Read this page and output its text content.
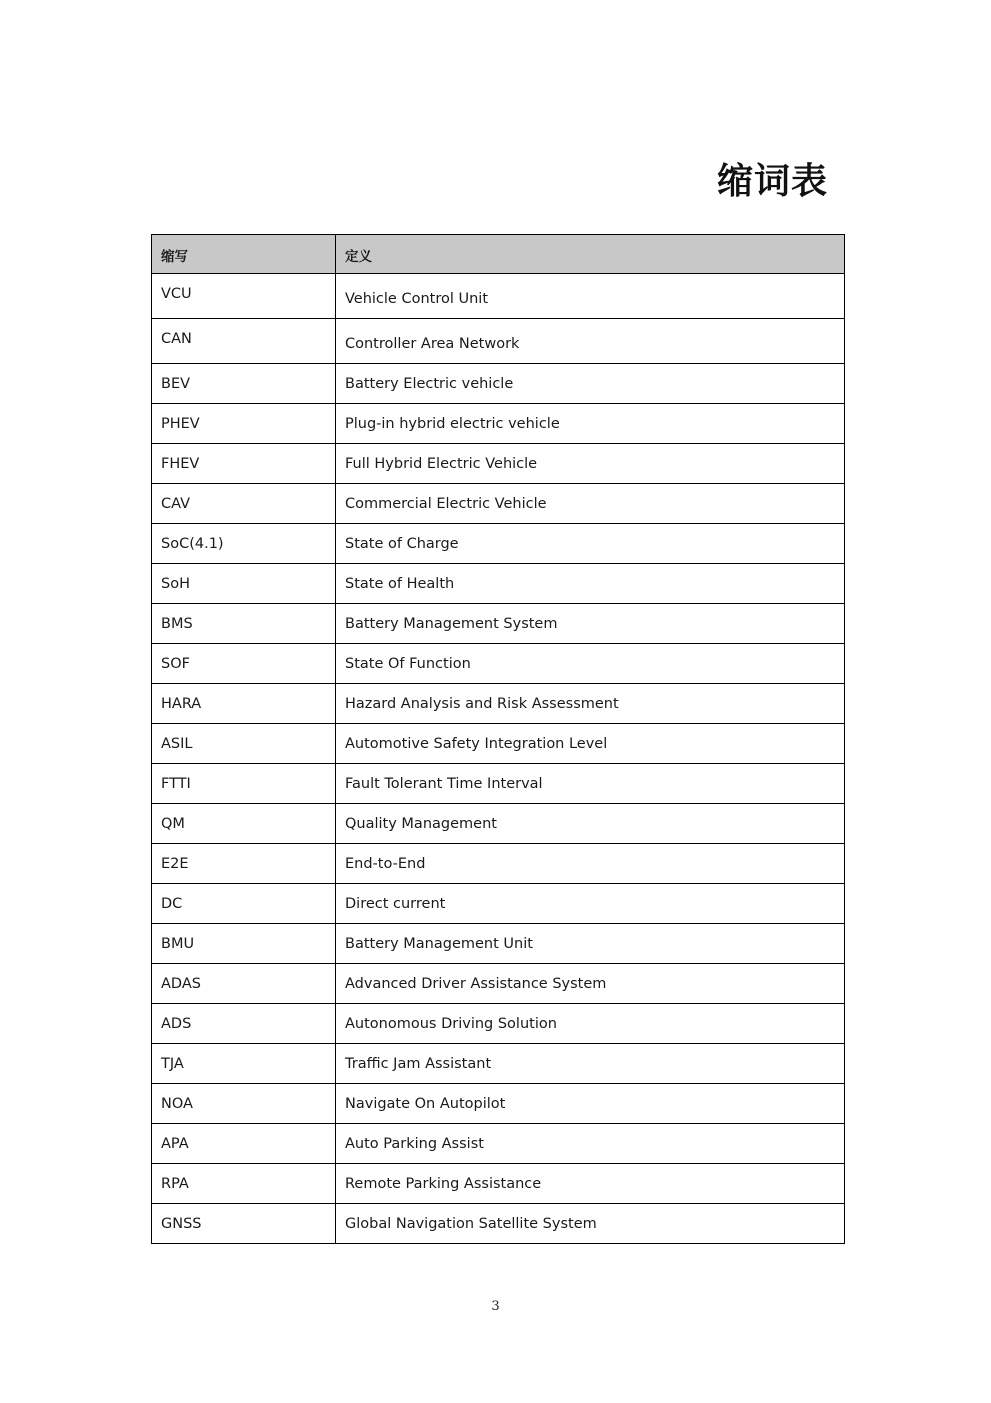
缩词表
缩写	定义
VCU	Vehicle Control Unit
CAN	Controller Area Network
BEV	Battery Electric vehicle
PHEV	Plug-in hybrid electric vehicle
FHEV	Full Hybrid Electric Vehicle
CAV	Commercial Electric Vehicle
SoC(4.1)	State of Charge
SoH	State of Health
BMS	Battery Management System
SOF	State Of Function
HARA	Hazard Analysis and Risk Assessment
ASIL	Automotive Safety Integration Level
FTTI	Fault Tolerant Time Interval
QM	Quality Management
E2E	End-to-End
DC	Direct current
BMU	Battery Management Unit
ADAS	Advanced Driver Assistance System
ADS	Autonomous Driving Solution
TJA	Traffic Jam Assistant
NOA	Navigate On Autopilot
APA	Auto Parking Assist
RPA	Remote Parking Assistance
GNSS	Global Navigation Satellite System
3
